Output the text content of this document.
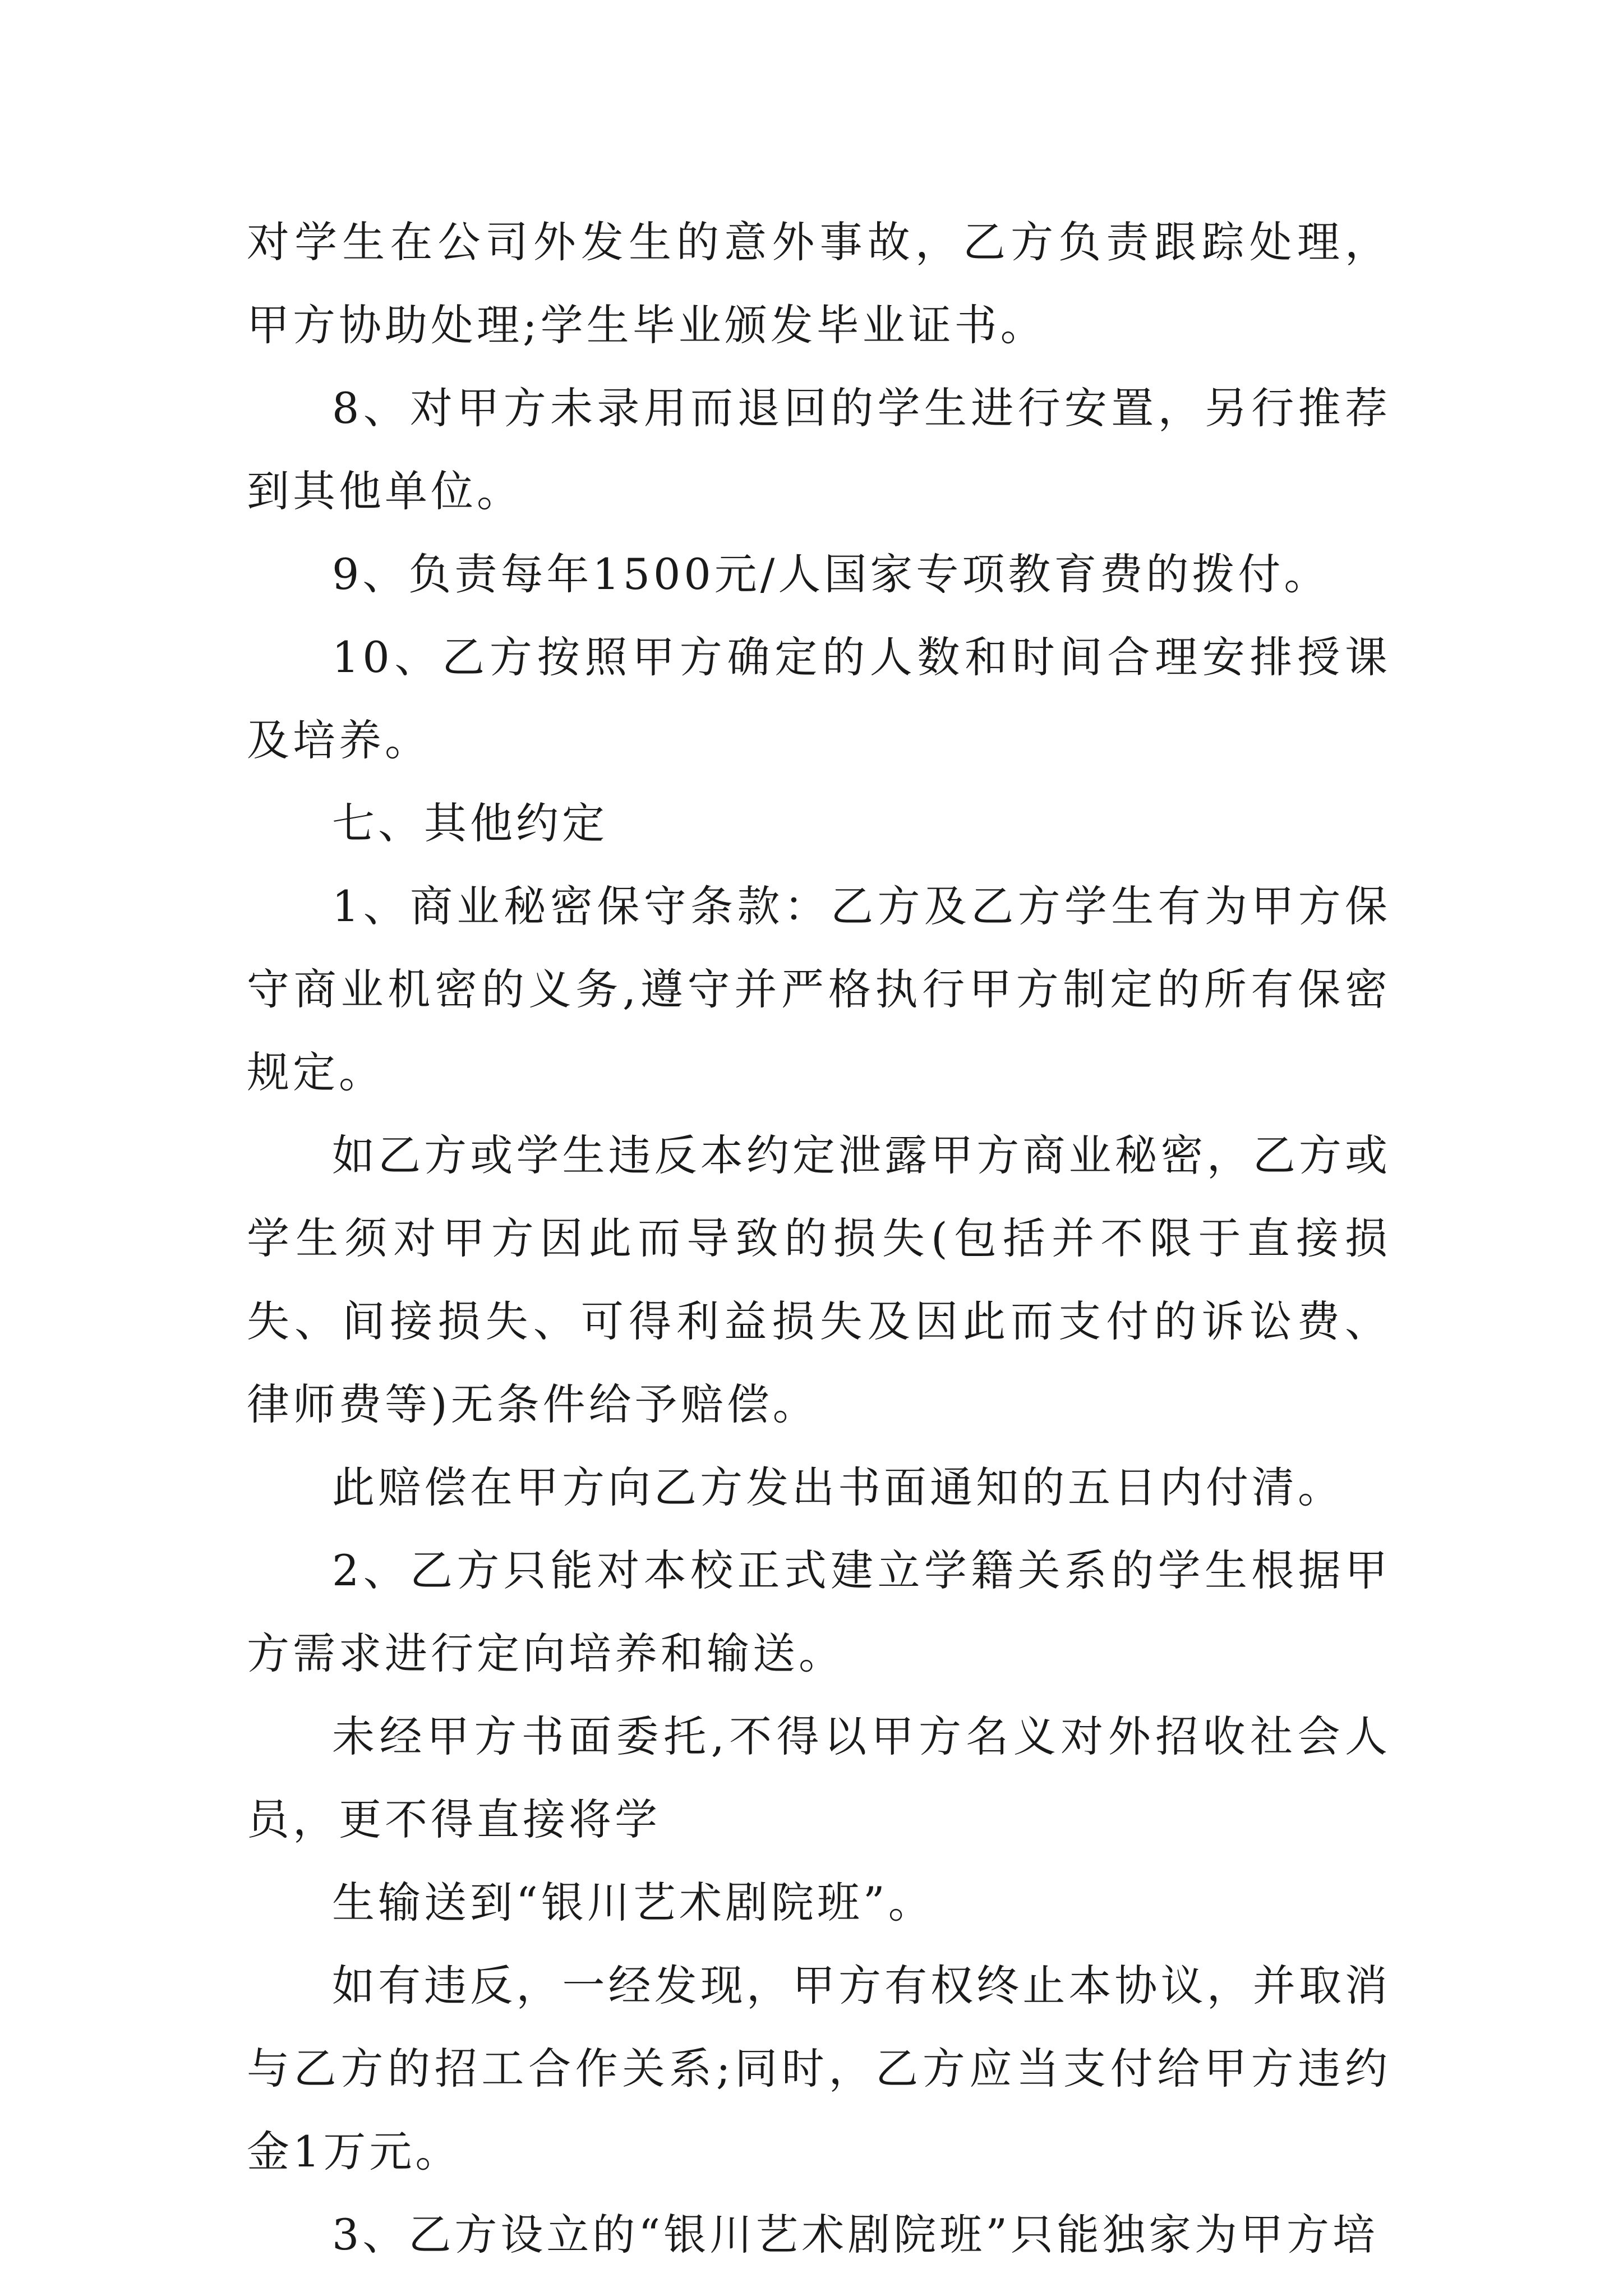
对学生在公司外发生的意外事故，乙方负责跟踪处理，甲方协助处理;学生毕业颁发毕业证书。

8、对甲方未录用而退回的学生进行安置，另行推荐到其他单位。

9、负责每年1500元/人国家专项教育费的拨付。

10、乙方按照甲方确定的人数和时间合理安排授课及培养。

七、其他约定

1、商业秘密保守条款：乙方及乙方学生有为甲方保守商业机密的义务,遵守并严格执行甲方制定的所有保密规定。

如乙方或学生违反本约定泄露甲方商业秘密，乙方或学生须对甲方因此而导致的损失(包括并不限于直接损失、间接损失、可得利益损失及因此而支付的诉讼费、律师费等)无条件给予赔偿。

此赔偿在甲方向乙方发出书面通知的五日内付清。

2、乙方只能对本校正式建立学籍关系的学生根据甲方需求进行定向培养和输送。

未经甲方书面委托,不得以甲方名义对外招收社会人员，更不得直接将学

生输送到“银川艺术剧院班”。

如有违反，一经发现，甲方有权终止本协议，并取消与乙方的招工合作关系;同时，乙方应当支付给甲方违约金1万元。

3、乙方设立的“银川艺术剧院班”只能独家为甲方培
